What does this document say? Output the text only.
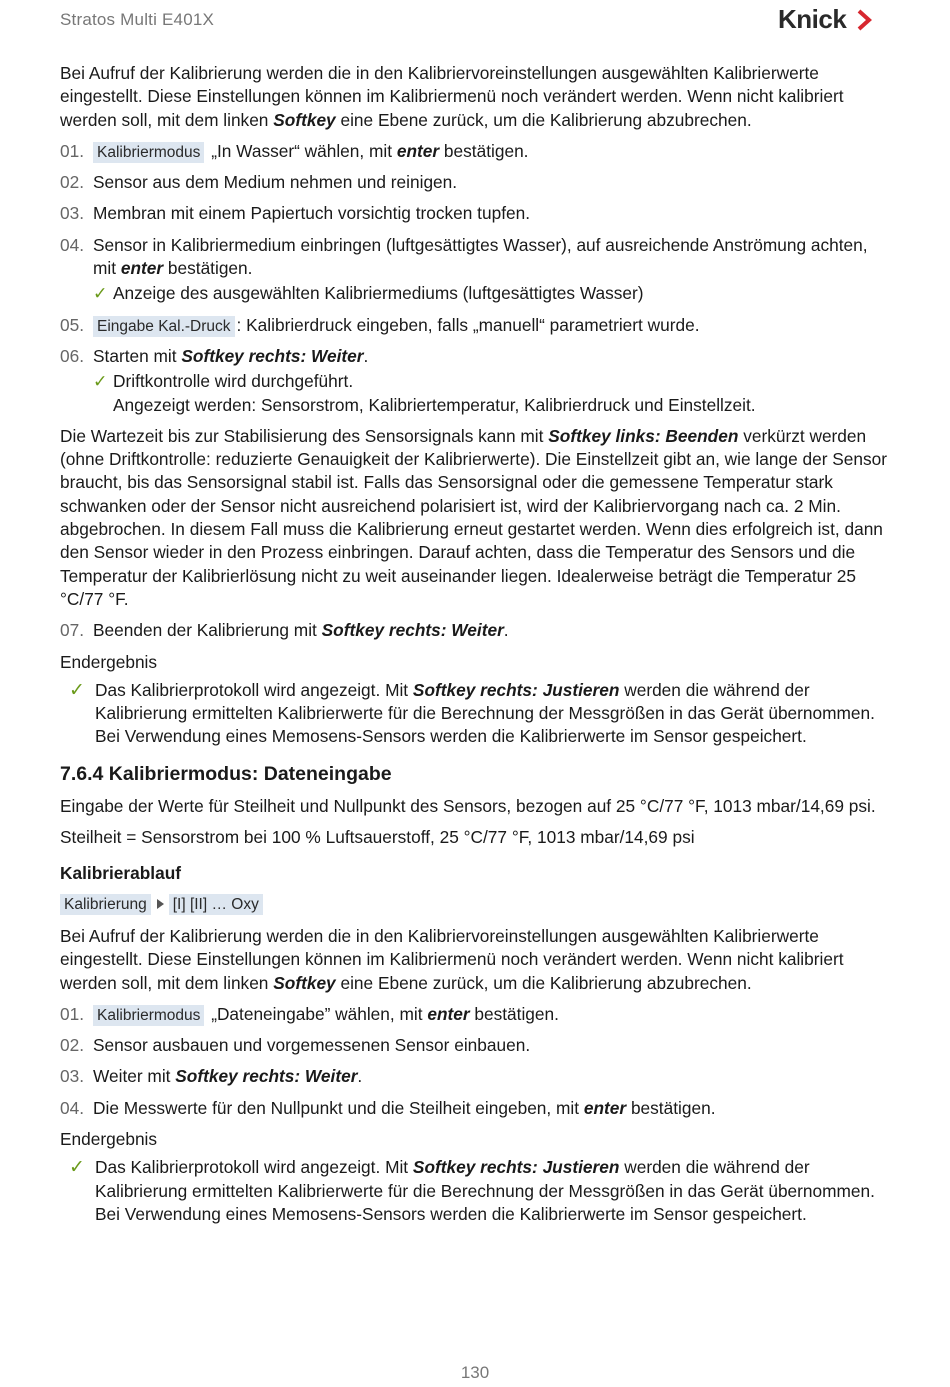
Stratos Multi E401X	Knick

Bei Aufruf der Kalibrierung werden die in den Kalibriervoreinstellungen ausgewählten Kalibrierwerte eingestellt. Diese Einstellungen können im Kalibriermenü noch verändert werden. Wenn nicht kalibriert werden soll, mit dem linken Softkey eine Ebene zurück, um die Kalibrierung abzubrechen.

01. Kalibriermodus „In Wasser“ wählen, mit enter bestätigen.
02. Sensor aus dem Medium nehmen und reinigen.
03. Membran mit einem Papiertuch vorsichtig trocken tupfen.
04. Sensor in Kalibriermedium einbringen (luftgesättigtes Wasser), auf ausreichende Anströmung achten, mit enter bestätigen.
✓ Anzeige des ausgewählten Kalibriermediums (luftgesättigtes Wasser)
05. Eingabe Kal.-Druck : Kalibrierdruck eingeben, falls „manuell“ parametriert wurde.
06. Starten mit Softkey rechts: Weiter.
✓ Driftkontrolle wird durchgeführt.
Angezeigt werden: Sensorstrom, Kalibriertemperatur, Kalibrierdruck und Einstellzeit.

Die Wartezeit bis zur Stabilisierung des Sensorsignals kann mit Softkey links: Beenden verkürzt werden (ohne Driftkontrolle: reduzierte Genauigkeit der Kalibrierwerte). Die Einstellzeit gibt an, wie lange der Sensor braucht, bis das Sensorsignal stabil ist. Falls das Sensorsignal oder die gemessene Temperatur stark schwanken oder der Sensor nicht ausreichend polarisiert ist, wird der Kalibriervorgang nach ca. 2 Min. abgebrochen. In diesem Fall muss die Kalibrierung erneut gestartet werden. Wenn dies erfolgreich ist, dann den Sensor wieder in den Prozess einbringen. Darauf achten, dass die Temperatur des Sensors und die Temperatur der Kalibrierlösung nicht zu weit auseinander liegen. Idealerweise beträgt die Temperatur 25 °C/77 °F.

07. Beenden der Kalibrierung mit Softkey rechts: Weiter.
Endergebnis
✓ Das Kalibrierprotokoll wird angezeigt. Mit Softkey rechts: Justieren werden die während der Kalibrierung ermittelten Kalibrierwerte für die Berechnung der Messgrößen in das Gerät übernommen. Bei Verwendung eines Memosens-Sensors werden die Kalibrierwerte im Sensor gespeichert.
7.6.4 Kalibriermodus: Dateneingabe

Eingabe der Werte für Steilheit und Nullpunkt des Sensors, bezogen auf 25 °C/77 °F, 1013 mbar/14,69 psi.

Steilheit = Sensorstrom bei 100 % Luftsauerstoff, 25 °C/77 °F, 1013 mbar/14,69 psi

Kalibrierablauf
Kalibrierung [I] [II] … Oxy

Bei Aufruf der Kalibrierung werden die in den Kalibriervoreinstellungen ausgewählten Kalibrierwerte eingestellt. Diese Einstellungen können im Kalibriermenü noch verändert werden. Wenn nicht kalibriert werden soll, mit dem linken Softkey eine Ebene zurück, um die Kalibrierung abzubrechen.

01. Kalibriermodus „Dateneingabe” wählen, mit enter bestätigen.
02. Sensor ausbauen und vorgemessenen Sensor einbauen.
03. Weiter mit Softkey rechts: Weiter.
04. Die Messwerte für den Nullpunkt und die Steilheit eingeben, mit enter bestätigen.
Endergebnis
✓ Das Kalibrierprotokoll wird angezeigt. Mit Softkey rechts: Justieren werden die während der Kalibrierung ermittelten Kalibrierwerte für die Berechnung der Messgrößen in das Gerät übernommen. Bei Verwendung eines Memosens-Sensors werden die Kalibrierwerte im Sensor gespeichert.
130
